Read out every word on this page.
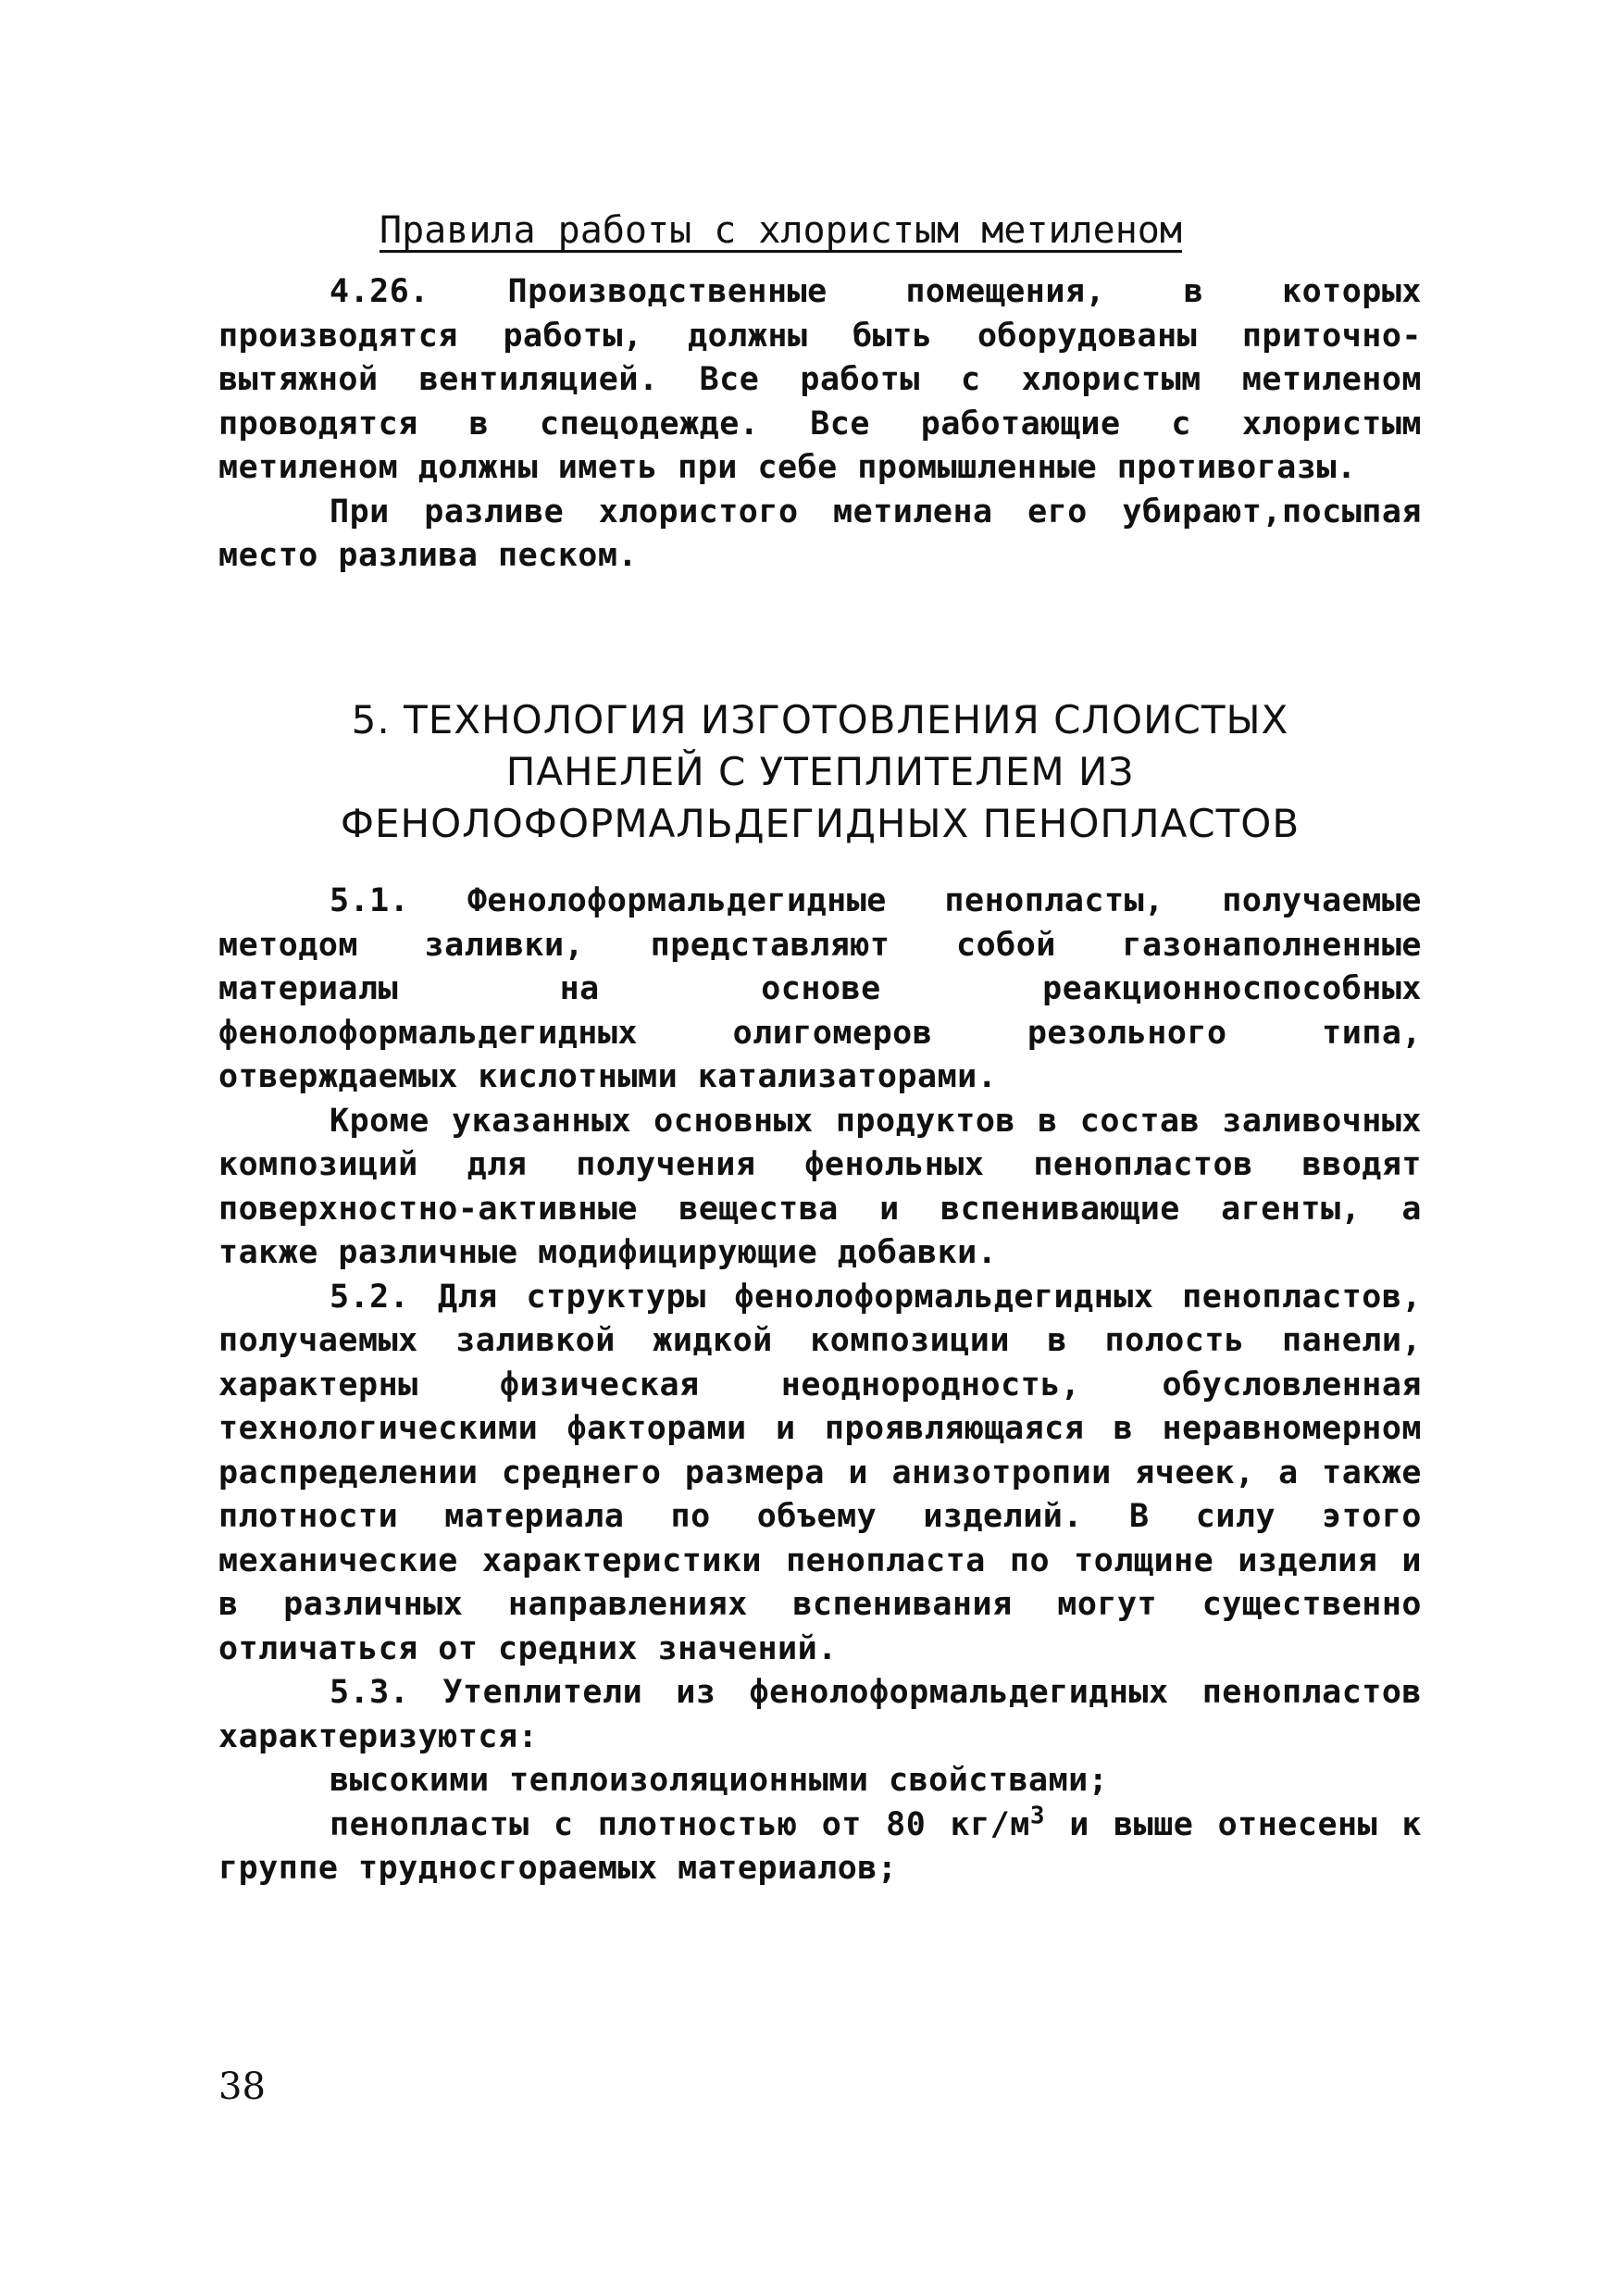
Правила работы с хлористым метиленом

4.26. Производственные помещения, в которых производятся работы, должны быть оборудованы приточно-вытяжной вентиляцией. Все работы с хлористым метиленом проводятся в спецодежде. Все работающие с хлористым метиленом должны иметь при себе промышленные противогазы.

При разливе хлористого метилена его убирают,посыпая место разлива песком.

5. ТЕХНОЛОГИЯ ИЗГОТОВЛЕНИЯ СЛОИСТЫХ
ПАНЕЛЕЙ С УТЕПЛИТЕЛЕМ ИЗ
ФЕНОЛОФОРМАЛЬДЕГИДНЫХ ПЕНОПЛАСТОВ

5.1. Фенолоформальдегидные пенопласты, получаемые методом заливки, представляют собой газонаполненные материалы на основе реакционноспособных фенолоформальдегидных олигомеров резольного типа, отверждаемых кислотными катализаторами.

Кроме указанных основных продуктов в состав заливочных композиций для получения фенольных пенопластов вводят поверхностно-активные вещества и вспенивающие агенты, а также различные модифицирующие добавки.

5.2. Для структуры фенолоформальдегидных пенопластов, получаемых заливкой жидкой композиции в полость панели, характерны физическая неоднородность, обусловленная технологическими факторами и проявляющаяся в неравномерном распределении среднего размера и анизотропии ячеек, а также плотности материала по объему изделий. В силу этого механические характеристики пенопласта по толщине изделия и в различных направлениях вспенивания могут существенно отличаться от средних значений.

5.3. Утеплители из фенолоформальдегидных пенопластов характеризуются:

высокими теплоизоляционными свойствами;

пенопласты с плотностью от 80 $кг/м^3$ и выше отнесены к группе трудносгораемых материалов;

38
